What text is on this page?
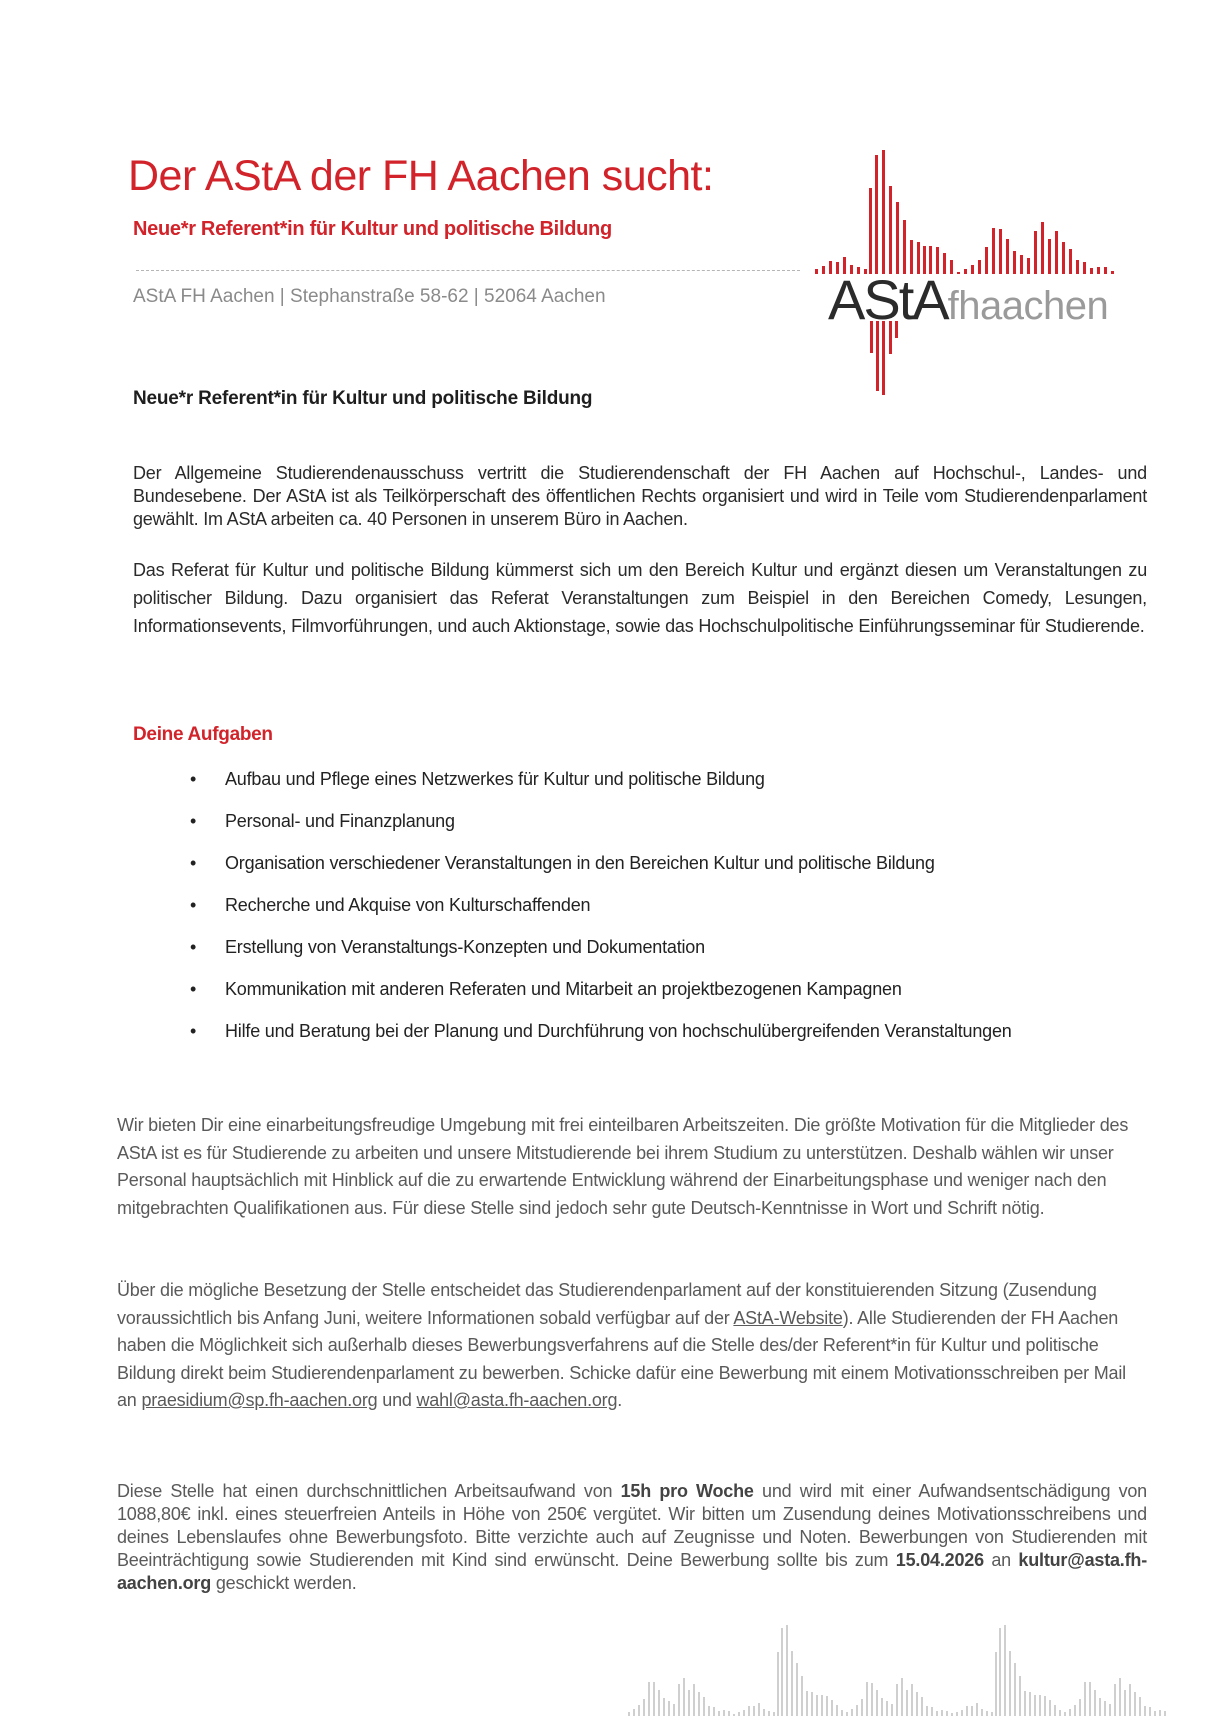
Der AStA der FH Aachen sucht:
Neue*r Referent*in für Kultur und politische Bildung
AStA FH Aachen | Stephanstraße 58-62 | 52064 Aachen	AStAfhaachen
Neue*r Referent*in für Kultur und politische Bildung

Der Allgemeine Studierendenausschuss vertritt die Studierendenschaft der FH Aachen auf Hochschul-, Landes- und Bundesebene. Der AStA ist als Teilkörperschaft des öffentlichen Rechts organisiert und wird in Teile vom Studierendenparlament gewählt. Im AStA arbeiten ca. 40 Personen in unserem Büro in Aachen.

Das Referat für Kultur und politische Bildung kümmerst sich um den Bereich Kultur und ergänzt diesen um Veranstaltungen zu politischer Bildung. Dazu organisiert das Referat Veranstaltungen zum Beispiel in den Bereichen Comedy, Lesungen, Informationsevents, Filmvorführungen, und auch Aktionstage, sowie das Hochschulpolitische Einführungsseminar für Studierende.

Deine Aufgaben
• Aufbau und Pflege eines Netzwerkes für Kultur und politische Bildung
• Personal- und Finanzplanung
• Organisation verschiedener Veranstaltungen in den Bereichen Kultur und politische Bildung
• Recherche und Akquise von Kulturschaffenden
• Erstellung von Veranstaltungs-Konzepten und Dokumentation
• Kommunikation mit anderen Referaten und Mitarbeit an projektbezogenen Kampagnen
• Hilfe und Beratung bei der Planung und Durchführung von hochschulübergreifenden Veranstaltungen

Wir bieten Dir eine einarbeitungsfreudige Umgebung mit frei einteilbaren Arbeitszeiten. Die größte Motivation für die Mitglieder des AStA ist es für Studierende zu arbeiten und unsere Mitstudierende bei ihrem Studium zu unterstützen. Deshalb wählen wir unser Personal hauptsächlich mit Hinblick auf die zu erwartende Entwicklung während der Einarbeitungsphase und weniger nach den mitgebrachten Qualifikationen aus. Für diese Stelle sind jedoch sehr gute Deutsch-Kenntnisse in Wort und Schrift nötig.

Über die mögliche Besetzung der Stelle entscheidet das Studierendenparlament auf der konstituierenden Sitzung (Zusendung voraussichtlich bis Anfang Juni, weitere Informationen sobald verfügbar auf der AStA-Website). Alle Studierenden der FH Aachen haben die Möglichkeit sich außerhalb dieses Bewerbungsverfahrens auf die Stelle des/der Referent*in für Kultur und politische Bildung direkt beim Studierendenparlament zu bewerben. Schicke dafür eine Bewerbung mit einem Motivationsschreiben per Mail an praesidium@sp.fh-aachen.org und wahl@asta.fh-aachen.org.

Diese Stelle hat einen durchschnittlichen Arbeitsaufwand von 15h pro Woche und wird mit einer Aufwandsentschädigung von 1088,80€ inkl. eines steuerfreien Anteils in Höhe von 250€ vergütet. Wir bitten um Zusendung deines Motivationsschreibens und deines Lebenslaufes ohne Bewerbungsfoto. Bitte verzichte auch auf Zeugnisse und Noten. Bewerbungen von Studierenden mit Beeinträchtigung sowie Studierenden mit Kind sind erwünscht. Deine Bewerbung sollte bis zum 15.04.2026 an kultur@asta.fh-aachen.org geschickt werden.
